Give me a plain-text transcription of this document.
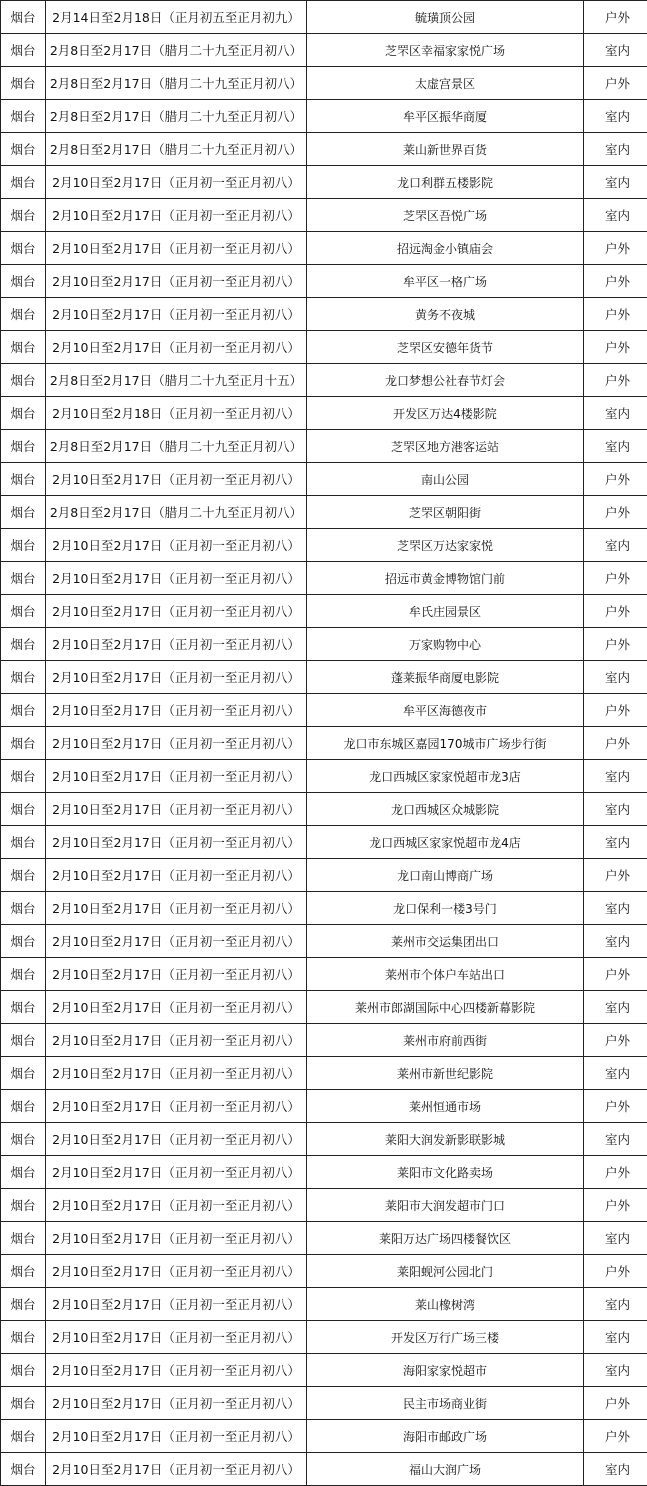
烟台	2月14日至2月18日（正月初五至正月初九）	毓璜顶公园	户外
烟台	2月8日至2月17日（腊月二十九至正月初八）	芝罘区幸福家家悦广场	室内
烟台	2月8日至2月17日（腊月二十九至正月初八）	太虚宫景区	户外
烟台	2月8日至2月17日（腊月二十九至正月初八）	牟平区振华商厦	室内
烟台	2月8日至2月17日（腊月二十九至正月初八）	莱山新世界百货	室内
烟台	2月10日至2月17日（正月初一至正月初八）	龙口利群五楼影院	室内
烟台	2月10日至2月17日（正月初一至正月初八）	芝罘区吾悦广场	室内
烟台	2月10日至2月17日（正月初一至正月初八）	招远淘金小镇庙会	户外
烟台	2月10日至2月17日（正月初一至正月初八）	牟平区一格广场	户外
烟台	2月10日至2月17日（正月初一至正月初八）	黄务不夜城	户外
烟台	2月10日至2月17日（正月初一至正月初八）	芝罘区安德年货节	户外
烟台	2月8日至2月17日（腊月二十九至正月十五）	龙口梦想公社春节灯会	户外
烟台	2月10日至2月18日（正月初一至正月初八）	开发区万达4楼影院	室内
烟台	2月8日至2月17日（腊月二十九至正月初八）	芝罘区地方港客运站	室内
烟台	2月10日至2月17日（正月初一至正月初八）	南山公园	户外
烟台	2月8日至2月17日（腊月二十九至正月初八）	芝罘区朝阳街	户外
烟台	2月10日至2月17日（正月初一至正月初八）	芝罘区万达家家悦	室内
烟台	2月10日至2月17日（正月初一至正月初八）	招远市黄金博物馆门前	户外
烟台	2月10日至2月17日（正月初一至正月初八）	牟氏庄园景区	户外
烟台	2月10日至2月17日（正月初一至正月初八）	万家购物中心	户外
烟台	2月10日至2月17日（正月初一至正月初八）	蓬莱振华商厦电影院	室内
烟台	2月10日至2月17日（正月初一至正月初八）	牟平区海德夜市	户外
烟台	2月10日至2月17日（正月初一至正月初八）	龙口市东城区嘉园170城市广场步行街	户外
烟台	2月10日至2月17日（正月初一至正月初八）	龙口西城区家家悦超市龙3店	室内
烟台	2月10日至2月17日（正月初一至正月初八）	龙口西城区众城影院	室内
烟台	2月10日至2月17日（正月初一至正月初八）	龙口西城区家家悦超市龙4店	室内
烟台	2月10日至2月17日（正月初一至正月初八）	龙口南山博商广场	户外
烟台	2月10日至2月17日（正月初一至正月初八）	龙口保利一楼3号门	室内
烟台	2月10日至2月17日（正月初一至正月初八）	莱州市交运集团出口	室内
烟台	2月10日至2月17日（正月初一至正月初八）	莱州市个体户车站出口	户外
烟台	2月10日至2月17日（正月初一至正月初八）	莱州市郎湖国际中心四楼新幕影院	室内
烟台	2月10日至2月17日（正月初一至正月初八）	莱州市府前西街	户外
烟台	2月10日至2月17日（正月初一至正月初八）	莱州市新世纪影院	室内
烟台	2月10日至2月17日（正月初一至正月初八）	莱州恒通市场	户外
烟台	2月10日至2月17日（正月初一至正月初八）	莱阳大润发新影联影城	室内
烟台	2月10日至2月17日（正月初一至正月初八）	莱阳市文化路卖场	户外
烟台	2月10日至2月17日（正月初一至正月初八）	莱阳市大润发超市门口	户外
烟台	2月10日至2月17日（正月初一至正月初八）	莱阳万达广场四楼餐饮区	室内
烟台	2月10日至2月17日（正月初一至正月初八）	莱阳蚬河公园北门	户外
烟台	2月10日至2月17日（正月初一至正月初八）	莱山橡树湾	室内
烟台	2月10日至2月17日（正月初一至正月初八）	开发区万行广场三楼	室内
烟台	2月10日至2月17日（正月初一至正月初八）	海阳家家悦超市	室内
烟台	2月10日至2月17日（正月初一至正月初八）	民主市场商业街	户外
烟台	2月10日至2月17日（正月初一至正月初八）	海阳市邮政广场	户外
烟台	2月10日至2月17日（正月初一至正月初八）	福山大润广场	室内
